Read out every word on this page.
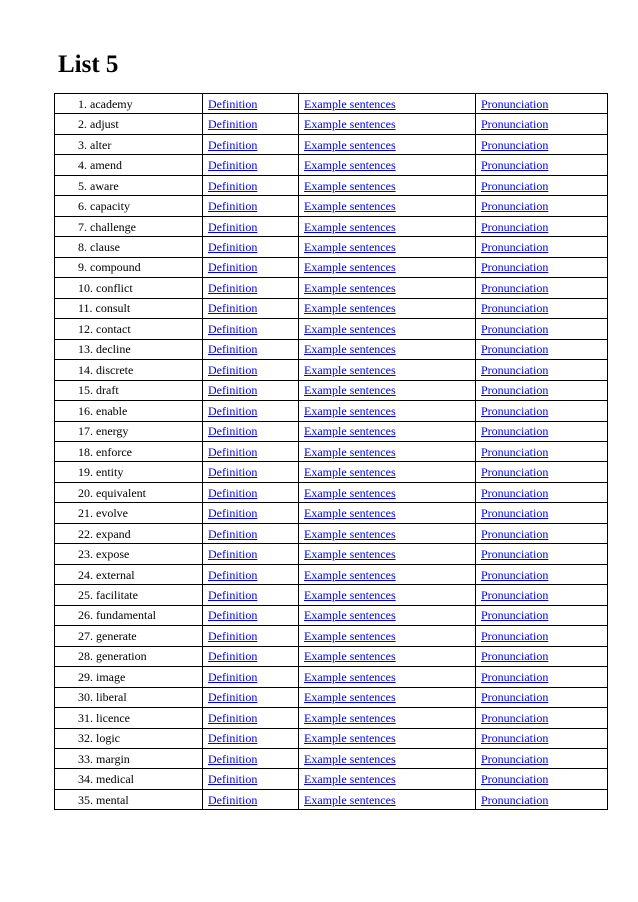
List 5
1. academy	Definition	Example sentences	Pronunciation
2. adjust	Definition	Example sentences	Pronunciation
3. alter	Definition	Example sentences	Pronunciation
4. amend	Definition	Example sentences	Pronunciation
5. aware	Definition	Example sentences	Pronunciation
6. capacity	Definition	Example sentences	Pronunciation
7. challenge	Definition	Example sentences	Pronunciation
8. clause	Definition	Example sentences	Pronunciation
9. compound	Definition	Example sentences	Pronunciation
10. conflict	Definition	Example sentences	Pronunciation
11. consult	Definition	Example sentences	Pronunciation
12. contact	Definition	Example sentences	Pronunciation
13. decline	Definition	Example sentences	Pronunciation
14. discrete	Definition	Example sentences	Pronunciation
15. draft	Definition	Example sentences	Pronunciation
16. enable	Definition	Example sentences	Pronunciation
17. energy	Definition	Example sentences	Pronunciation
18. enforce	Definition	Example sentences	Pronunciation
19. entity	Definition	Example sentences	Pronunciation
20. equivalent	Definition	Example sentences	Pronunciation
21. evolve	Definition	Example sentences	Pronunciation
22. expand	Definition	Example sentences	Pronunciation
23. expose	Definition	Example sentences	Pronunciation
24. external	Definition	Example sentences	Pronunciation
25. facilitate	Definition	Example sentences	Pronunciation
26. fundamental	Definition	Example sentences	Pronunciation
27. generate	Definition	Example sentences	Pronunciation
28. generation	Definition	Example sentences	Pronunciation
29. image	Definition	Example sentences	Pronunciation
30. liberal	Definition	Example sentences	Pronunciation
31. licence	Definition	Example sentences	Pronunciation
32. logic	Definition	Example sentences	Pronunciation
33. margin	Definition	Example sentences	Pronunciation
34. medical	Definition	Example sentences	Pronunciation
35. mental	Definition	Example sentences	Pronunciation
